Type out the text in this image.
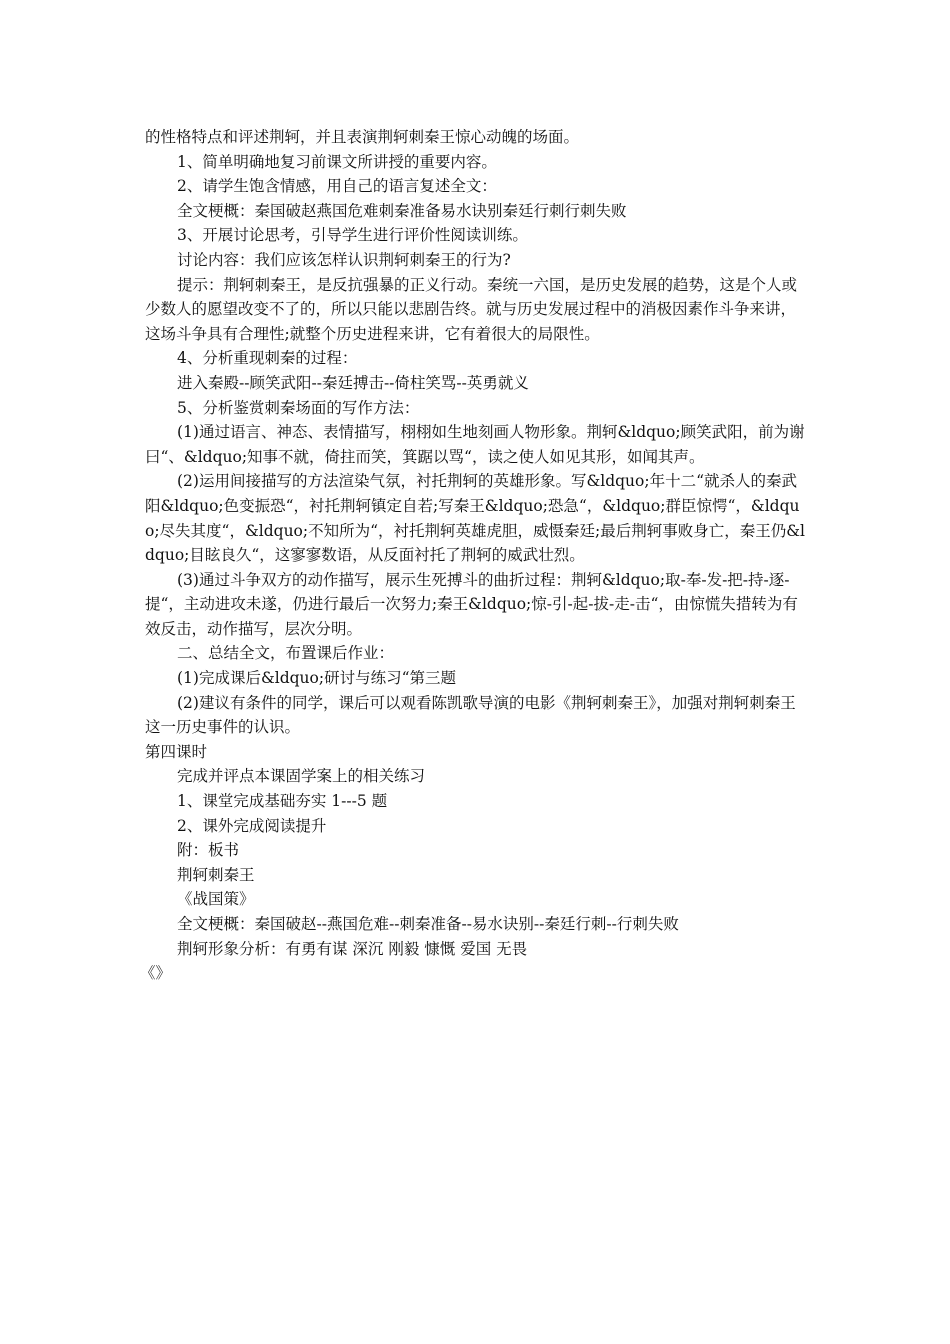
的性格特点和评述荆轲，并且表演荆轲刺秦王惊心动魄的场面。

1、简单明确地复习前课文所讲授的重要内容。

2、请学生饱含情感，用自己的语言复述全文：

全文梗概：秦国破赵燕国危难刺秦准备易水诀别秦廷行刺行刺失败

3、开展讨论思考，引导学生进行评价性阅读训练。

讨论内容：我们应该怎样认识荆轲刺秦王的行为?

提示：荆轲刺秦王，是反抗强暴的正义行动。秦统一六国，是历史发展的趋势，这是个人或少数人的愿望改变不了的，所以只能以悲剧告终。就与历史发展过程中的消极因素作斗争来讲，这场斗争具有合理性;就整个历史进程来讲，它有着很大的局限性。

4、分析重现刺秦的过程：

进入秦殿--顾笑武阳--秦廷搏击--倚柱笑骂--英勇就义

5、分析鉴赏刺秦场面的写作方法：

(1)通过语言、神态、表情描写，栩栩如生地刻画人物形象。荆轲&ldquo;顾笑武阳，前为谢曰“、&ldquo;知事不就，倚拄而笑，箕踞以骂“，读之使人如见其形，如闻其声。

(2)运用间接描写的方法渲染气氛，衬托荆轲的英雄形象。写&ldquo;年十二“就杀人的秦武阳&ldquo;色变振恐“，衬托荆轲镇定自若;写秦王&ldquo;恐急“，&ldquo;群臣惊愕“，&ldquo;尽失其度“，&ldquo;不知所为“，衬托荆轲英雄虎胆，威慑秦廷;最后荆轲事败身亡，秦王仍&ldquo;目眩良久“，这寥寥数语，从反面衬托了荆轲的威武壮烈。

(3)通过斗争双方的动作描写，展示生死搏斗的曲折过程：荆轲&ldquo;取-奉-发-把-持-逐-提“，主动进攻未遂，仍进行最后一次努力;秦王&ldquo;惊-引-起-拔-走-击“，由惊慌失措转为有效反击，动作描写，层次分明。

二、总结全文，布置课后作业：

(1)完成课后&ldquo;研讨与练习“第三题

(2)建议有条件的同学，课后可以观看陈凯歌导演的电影《荆轲刺秦王》，加强对荆轲刺秦王这一历史事件的认识。

第四课时

完成并评点本课固学案上的相关练习

1、课堂完成基础夯实 1---5 题

2、课外完成阅读提升

附：板书

荆轲刺秦王

《战国策》

全文梗概：秦国破赵--燕国危难--刺秦准备--易水诀别--秦廷行刺--行刺失败

荆轲形象分析：有勇有谋 深沉 刚毅 慷慨 爱国 无畏

《》
